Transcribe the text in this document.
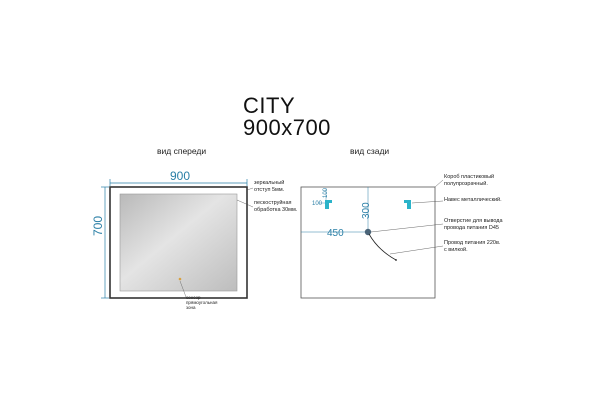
CITY
900x700
вид спереди	вид сзади
900
700
зеркальный
отступ 5мм.
пескоструйная
обработка 30мм.
сенсор
прямоугольная
зона
100
100
300
450
Короб пластиковый
полупрозрачный.
Навес металлический.
Отверстие для вывода
провода питания D45
Провод питания 220в.
с вилкой.
